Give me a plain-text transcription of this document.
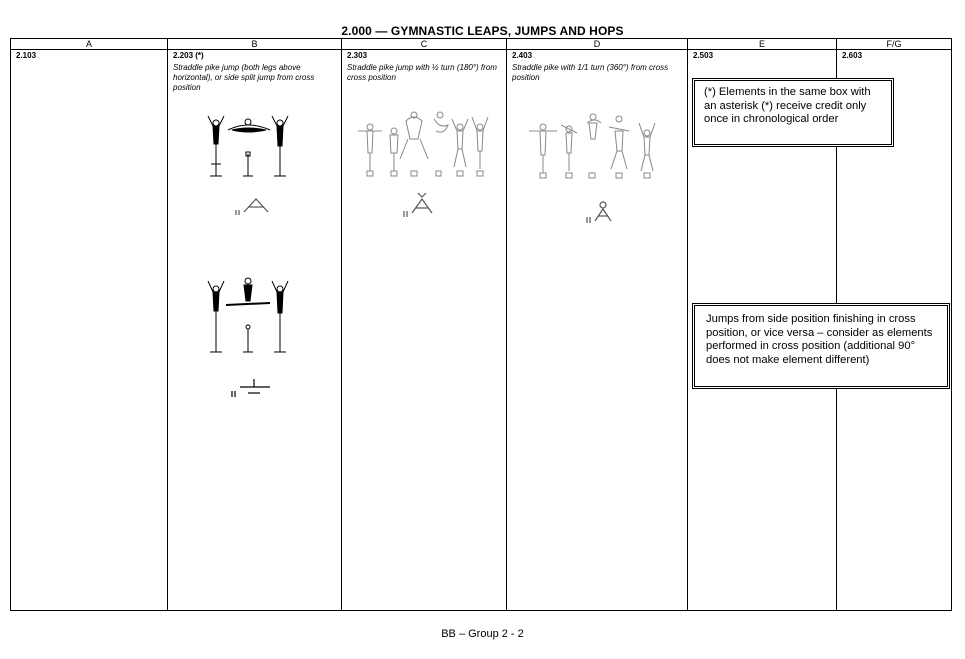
2.000 — GYMNASTIC LEAPS, JUMPS AND HOPS
A
2.103
B
2.203 (*)
Straddle pike jump (both legs above horizontal), or side split jump from cross position
C
2.303
Straddle pike jump with ½ turn (180°) from cross position
D
2.403
Straddle pike with 1/1 turn (360°) from cross position
E
2.503
F/G
2.603
(*) Elements in the same box with an asterisk (*) receive credit only once in chronological order
Jumps from side position finishing in cross position, or vice versa – consider as elements performed in cross position (additional 90° does not make element different)
BB – Group 2 - 2
